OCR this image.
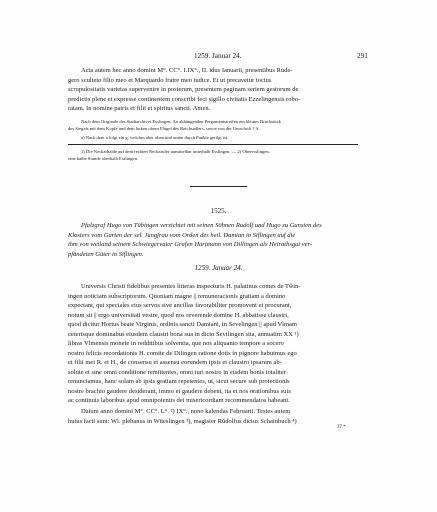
1259. Januar 24.	291

Acta autem hec anno domini M°. CC°. LIX°., II. idus Ianuarii, presentibus Rude-

gero sculteto filio meo et Marquardo fratre meo iudice. Et ut precavetur tocius

scrupulositatis varietas supervenire in posterum, presentem paginam seriem gestorum de

predictis plene et expresse continentem conscribi feci sigillo civitatis Ezzelingensis robo-

ratam. In nomine patris et filii et spiritus sancti. Amen.

Nach dem Originale des Stadtarchives Esslingen. An abhängenden Pergamentstreifen ein kleines Bruchstück

des Siegels mit dem Kopfe und dem linken obern Flügel des Reichsadlers, sowie von der Umschrift † S.

a) Nach dem a folgt ein g, welches aber oben und unten durch Punkte getilgt ist.

1) Die Neckarhalde auf dem rechten Neckarufer unmittelbar unterhalb Esslingen. — 2) Oberesslingen,

eine halbe Stunde oberhalb Esslingen.

1525.

Pfalzgraf Hugo von Tübingen verzichtet mit seinen Söhnen Rudolf und Hugo zu Gunsten des

Klosters vom Garten der sel. Jungfrau vom Orden des heil. Damian in Siflingen auf die

ihm von weiland seinem Schwiegervater Grafen Hartmann von Dillingen als Heirathsgut ver-

pfändeten Güter in Siflingen.

1259. Januar 24.

Universis Christi fidelibus presentes litteras inspecturis H. palatinus comes de Tw̆in-

ingen noticiam subscriptorum. Quoniam magne || remuneracionis gratiam a domino

expectant, qui speciales eius servos sive ancillas favorabiliter promovent et procurant,

notum sit || ergo universitati vestre, quod nos reverende domine H. abbatisse claustri,

quod dicitur Hortus beate Virginis, ordinis sancti Damiani, in Sevelingen || apud Vlmam

ceterisque dominabus eiusdem claustri bona sua in dicto Sevilingen sita, annuatim XX ¹)

libras Vlmensis monete in redditibus solventia, que nos aliquanto tempore a socero

nostro felicis recordationis H. comite de Dilingen ratione dotis in pignore habuimus ego

et filii mei R. et H., de consensu et assensu eorundem ipsis et claustro ipsarum ab-

solute et sine omni conditione remittentes, omni iuri nostro in eisdem bonis totaliter

renunciamus, hanc solam ab ipsis gratiam repetentes, ut, sicut secure sub protectionis

nostre brachio gaudere desiderant, immo et gaudere debent, ita et nos orationibus suis

ac continuis laboribus apud omnipotentis dei misericordiam recommendatos habeant.

Datum anno domini M°. CC°. L°. ²) IX°., nono kalendas Februarii. Testes autem

huius facti sunt: Wl. plebanus in Witeslingen ³), magister Rŭdolfus dictus Schainbuch ⁴)

37 *
